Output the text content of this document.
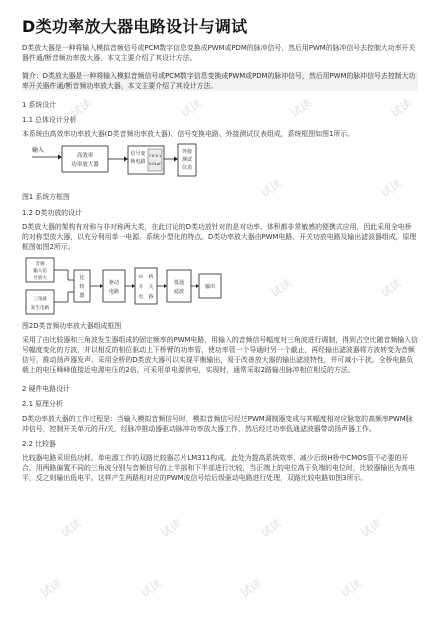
D类功率放大器电路设计与调试
D类放大器是一种将输入模拟音频信号或PCM数字信息变换成PWM或PDM的脉冲信号，然后用PWM的脉冲信号去控制大功率开关器件通/断音频功率放大器，本文主要介绍了其设计方法。
简介：D类放大器是一种将输入模拟音频信号或PCM数字信息变换成PWM或PDM的脉冲信号，然后用PWM的脉冲信号去控制大功率开关器件通/断音频功率放大器，本文主要介绍了其设计方法。
1 系统设计
1.1 总体设计分析
本系统由高效率功率放大器(D类音频功率放大器)、信号变换电路、外接测试仪表组成，系统框图如图1所示。
输入
高效率
功率放大器
信号变
换电路
7 8 6 1
0.01μF
外接
测试
仪表
图1 系统方框图
1.2 D类功放的设计
D类放大器的架构有对称与非对称两大类，在此讨论的D类功放针对的是对功率、体积都非常敏感的便携式应用，因此采用全电桥的对称型放大器，以充分利用单一电源。系统小型化的特点。D类功率放大器由PWM电路、开关功放电路及输出滤波器组成，原理框图如图2所示。
音频
输入信
号放大
三角波
发生电路
比
较
器
驱动
电路
H 桥
开 关
电 路
低通
滤波
输出
图2D类音频功率放大器组成框图
采用了由比较器和三角波发生器组成的固定频率的PWM电路，用输入的音频信号幅度对三角波进行调制，得到占空比随音频输入信号幅度变化的方波，并以相反的相位驱动上下桥臂的功率管，使功率管一个导通时另一个截止，再经输出滤波器将方波转变为音频信号，推动扬声器发声。采用全桥的D类放大器可以实现平衡输出，易于改善放大器的输出滤波特性，并可减小干扰。全桥电路负载上的电压峰峰值接近电源电压的2倍，可采用单电源供电，实现时，通常采取2路输出脉冲相位相反的方法。
2 硬件电路设计
2.1 原理分析
D类功率放大器的工作过程是：当输入模拟音频信号时，模拟音频信号经过PWM调制器变成与其幅度相对应脉宽的高频率PWM脉冲信号，控制开关单元的开/关，经脉冲推动器驱动脉冲功率放大器工作，然后经过功率低通滤波器带动扬声器工作。
2.2 比较器
比较器电路采用低功耗、单电源工作的双路比较器芯片LM311构成。此处为提高系统效率，减少后级H桥中CMOS管不必要的开合，用两路偏置不同的三角波分别与音频信号的上半部和下半部进行比较，当正端上的电位高于负端的电位时，比较器输出为高电平，反之则输出低电平。这样产生两路相对应的PWM波信号给后级驱动电路进行处理，双路比较电路如图3所示。
试读	试读	试读	试读
试读	试读
试读	试读
试读	试读	试读	试读
试读	试读	试读	试读
